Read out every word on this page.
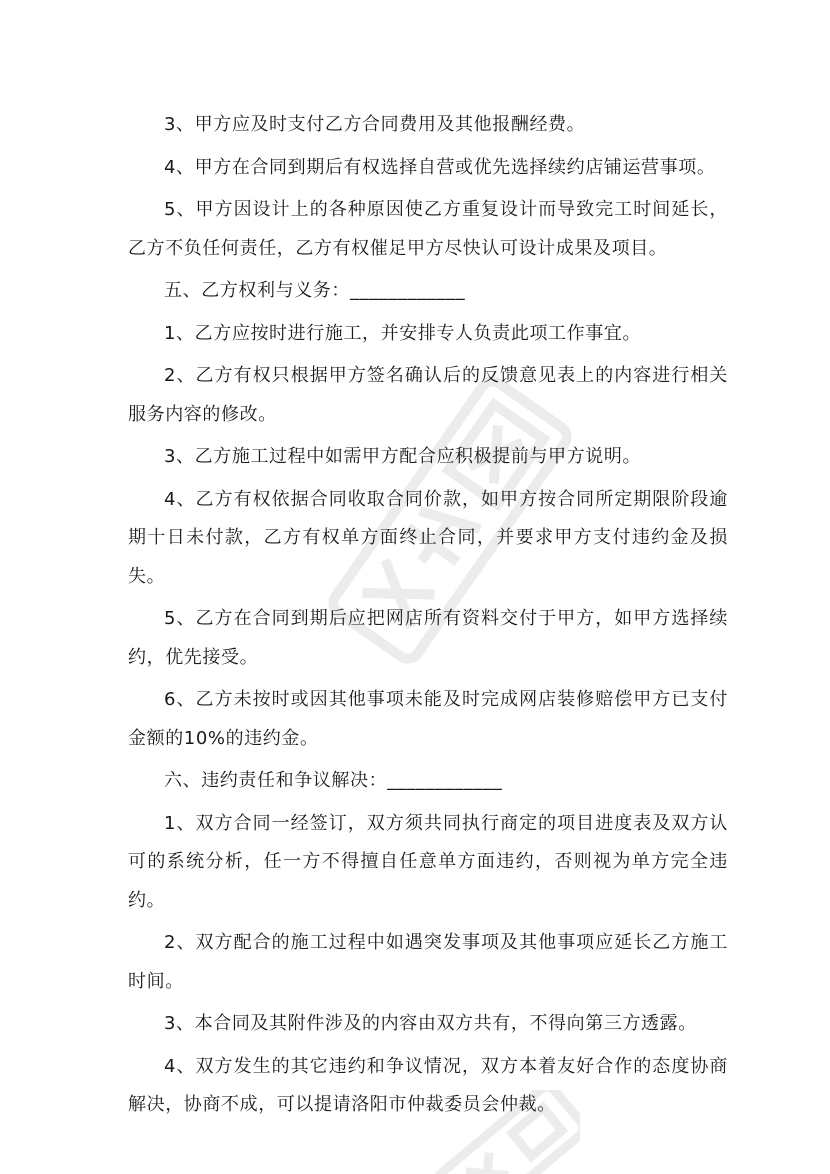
3、甲方应及时支付乙方合同费用及其他报酬经费。

4、甲方在合同到期后有权选择自营或优先选择续约店铺运营事项。

5、甲方因设计上的各种原因使乙方重复设计而导致完工时间延长，乙方不负任何责任，乙方有权催足甲方尽快认可设计成果及项目。

五、乙方权利与义务：____________

1、乙方应按时进行施工，并安排专人负责此项工作事宜。

2、乙方有权只根据甲方签名确认后的反馈意见表上的内容进行相关服务内容的修改。

3、乙方施工过程中如需甲方配合应积极提前与甲方说明。

4、乙方有权依据合同收取合同价款，如甲方按合同所定期限阶段逾期十日未付款，乙方有权单方面终止合同，并要求甲方支付违约金及损失。

5、乙方在合同到期后应把网店所有资料交付于甲方，如甲方选择续约，优先接受。

6、乙方未按时或因其他事项未能及时完成网店装修赔偿甲方已支付金额的10%的违约金。

六、违约责任和争议解决：____________

1、双方合同一经签订，双方须共同执行商定的项目进度表及双方认可的系统分析，任一方不得擅自任意单方面违约，否则视为单方完全违约。

2、双方配合的施工过程中如遇突发事项及其他事项应延长乙方施工时间。

3、本合同及其附件涉及的内容由双方共有，不得向第三方透露。

4、双方发生的其它违约和争议情况，双方本着友好合作的态度协商解决，协商不成，可以提请洛阳市仲裁委员会仲裁。
